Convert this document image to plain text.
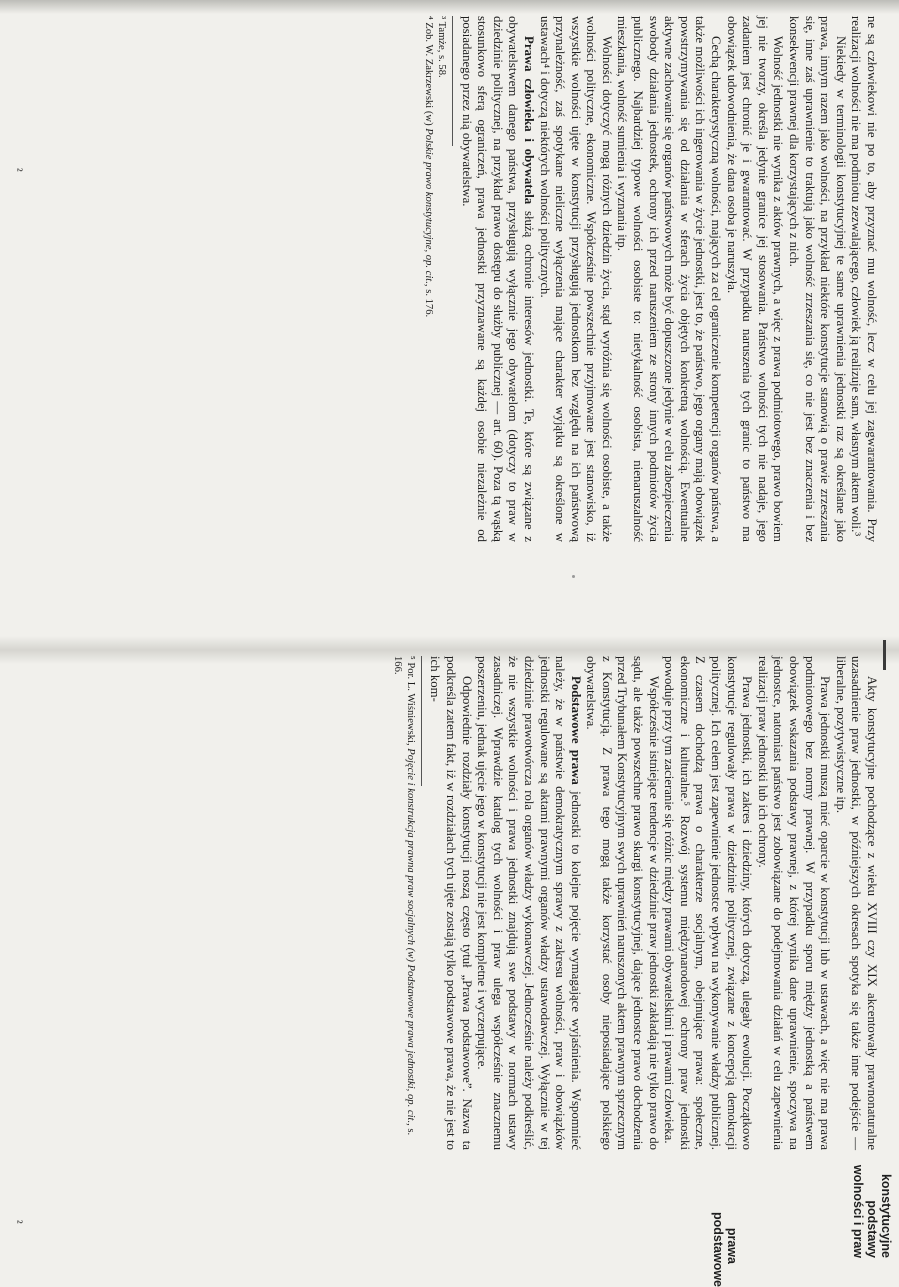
ne są człowiekowi nie po to, aby przyznać mu wolność, lecz w celu jej zagwarantowania. Przy realizacji wolności nie ma podmiotu zezwalającego, człowiek ją realizuje sam, własnym aktem woli.³

Niekiedy w terminologii konstytucyjnej te same uprawnienia jednostki raz są określane jako prawa, innym razem jako wolności, na przykład niektóre konstytucje stanowią o prawie zrzeszania się, inne zaś uprawnienie to traktują jako wolność zrzeszania się, co nie jest bez znaczenia i bez konsekwencji prawnej dla korzystających z nich.

Wolność jednostki nie wynika z aktów prawnych, a więc z prawa podmiotowego, prawo bowiem jej nie tworzy, określa jedynie granice jej stosowania. Państwo wolności tych nie nadaje, jego zadaniem jest chronić je i gwarantować. W przypadku naruszenia tych granic to państwo ma obowiązek udowodnienia, że dana osoba je naruszyła.

Cechą charakterystyczną wolności, mających za cel ograniczenie kompetencji organów państwa, a także możliwości ich ingerowania w życie jednostki, jest to, że państwo, jego organy mają obowiązek powstrzymywania się od działania w sferach życia objętych konkretną wolnością. Ewentualne aktywne zachowanie się organów państwowych może być dopuszczone jedynie w celu zabezpieczenia swobody działania jednostek, ochrony ich przed naruszeniem ze strony innych podmiotów życia publicznego. Najbardziej typowe wolności osobiste to: nietykalność osobista, nienaruszalność mieszkania, wolność sumienia i wyznania itp.

Wolności dotyczyć mogą różnych dziedzin życia, stąd wyróżnia się wolności osobiste, a także wolności polityczne, ekonomiczne. Współcześnie powszechnie przyjmowane jest stanowisko, iż wszystkie wolności ujęte w konstytucji przysługują jednostkom bez względu na ich państwową przynależność, zaś spotykane nieliczne wyłączenia mające charakter wyjątku są określone w ustawach⁴ i dotyczą niektórych wolności politycznych.

Prawa człowieka i obywatela służą ochronie interesów jednostki. Te, które są związane z obywatelstwem danego państwa, przysługują wyłącznie jego obywatelom (dotyczy to praw w dziedzinie politycznej, na przykład prawo dostępu do służby publicznej — art. 60). Poza tą wąską stosunkowo sferą ograniczeń, prawa jednostki przyznawane są każdej osobie niezależnie od posiadanego przez nią obywatelstwa.

³ Tamże, s. 58.
⁴ Zob. W. Zakrzewski (w) Polskie prawo konstytucyjne, op. cit., s. 176.

Akty konstytucyjne pochodzące z wieku XVIII czy XIX akcentowały prawnonaturalne uzasadnienie praw jednostki, w późniejszych okresach spotyka się także inne podejście — liberalne, pozytywistyczne itp.

Prawa jednostki muszą mieć oparcie w konstytucji lub w ustawach, a więc nie ma prawa podmiotowego bez normy prawnej. W przypadku sporu między jednostką a państwem obowiązek wskazania podstawy prawnej, z której wynika dane uprawnienie, spoczywa na jednostce, natomiast państwo jest zobowiązane do podejmowania działań w celu zapewnienia realizacji praw jednostki lub ich ochrony.

Prawa jednostki, ich zakres i dziedziny, których dotyczą, ulegały ewolucji. Początkowo konstytucje regulowały prawa w dziedzinie politycznej, związane z koncepcją demokracji politycznej. Ich celem jest zapewnienie jednostce wpływu na wykonywanie władzy publicznej. Z czasem dochodzą prawa o charakterze socjalnym, obejmujące prawa: społeczne, ekonomiczne i kulturalne.⁵ Rozwój systemu międzynarodowej ochrony praw jednostki powoduje przy tym zacieranie się różnic między prawami obywatelskimi i prawami człowieka.

Współcześnie istniejące tendencje w dziedzinie praw jednostki zakładają nie tylko prawo do sądu, ale także powszechne prawo skargi konstytucyjnej, dające jednostce prawo dochodzenia przed Trybunałem Konstytucyjnym swych uprawnień naruszonych aktem prawnym sprzecznym z Konstytucją. Z prawa tego mogą także korzystać osoby nieposiadające polskiego obywatelstwa.

Podstawowe prawa jednostki to kolejne pojęcie wymagające wyjaśnienia. Wspomnieć należy, że w państwie demokratycznym sprawy z zakresu wolności, praw i obowiązków jednostki regulowane są aktami prawnymi organów władzy ustawodawczej. Wyłącznie w tej dziedzinie prawotwórcza rola organów władzy wykonawczej. Jednocześnie należy podkreślić, że nie wszystkie wolności i prawa jednostki znajdują swe podstawy w normach ustawy zasadniczej. Wprawdzie katalog tych wolności i praw ulega współcześnie znacznemu poszerzeniu, jednak ujęcie jego w konstytucji nie jest kompletne i wyczerpujące.

Odpowiednie rozdziały konstytucji noszą często tytuł „Prawa podstawowe”. Nazwa ta podkreśla zatem fakt, iż w rozdziałach tych ujęte zostają tylko podstawowe prawa, że nie jest to ich kom-

⁵ Por. L. Wiśniewski, Pojęcie i konstrukcja prawna praw socjalnych (w) Podstawowe prawa jednostki, op. cit., s. 166.
konstytucyjne podstawy wolności i praw
prawa podstawowe
²
²
